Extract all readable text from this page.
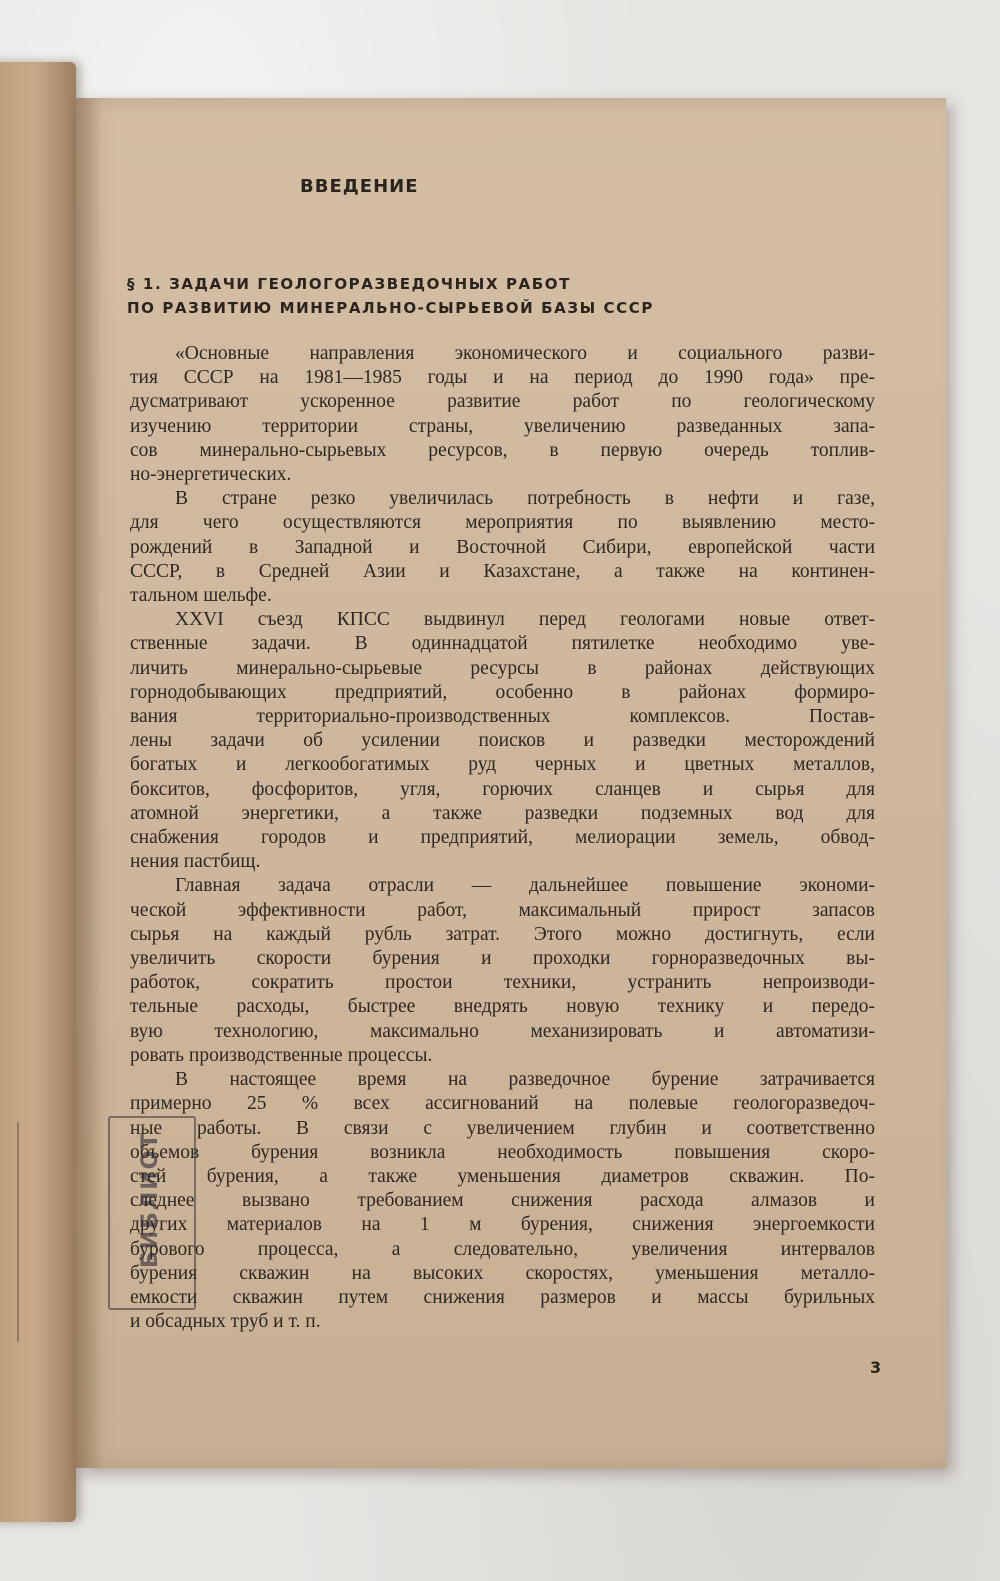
ВВЕДЕНИЕ
§ 1. ЗАДАЧИ ГЕОЛОГОРАЗВЕДОЧНЫХ РАБОТ
ПО РАЗВИТИЮ МИНЕРАЛЬНО-СЫРЬЕВОЙ БАЗЫ СССР
«Основные направления экономического и социального разви-
тия СССР на 1981—1985 годы и на период до 1990 года» пре-
дусматривают ускоренное развитие работ по геологическому
изучению территории страны, увеличению разведанных запа-
сов минерально-сырьевых ресурсов, в первую очередь топлив-
но-энергетических.
В стране резко увеличилась потребность в нефти и газе,
для чего осуществляются мероприятия по выявлению место-
рождений в Западной и Восточной Сибири, европейской части
СССР, в Средней Азии и Казахстане, а также на континен-
тальном шельфе.
XXVI съезд КПСС выдвинул перед геологами новые ответ-
ственные задачи. В одиннадцатой пятилетке необходимо уве-
личить минерально-сырьевые ресурсы в районах действующих
горнодобывающих предприятий, особенно в районах формиро-
вания территориально-производственных комплексов. Постав-
лены задачи об усилении поисков и разведки месторождений
богатых и легкообогатимых руд черных и цветных металлов,
бокситов, фосфоритов, угля, горючих сланцев и сырья для
атомной энергетики, а также разведки подземных вод для
снабжения городов и предприятий, мелиорации земель, обвод-
нения пастбищ.
Главная задача отрасли — дальнейшее повышение экономи-
ческой эффективности работ, максимальный прирост запасов
сырья на каждый рубль затрат. Этого можно достигнуть, если
увеличить скорости бурения и проходки горноразведочных вы-
работок, сократить простои техники, устранить непроизводи-
тельные расходы, быстрее внедрять новую технику и передо-
вую технологию, максимально механизировать и автоматизи-
ровать производственные процессы.
В настоящее время на разведочное бурение затрачивается
примерно 25 % всех ассигнований на полевые геологоразведоч-
ные работы. В связи с увеличением глубин и соответственно
объемов бурения возникла необходимость повышения скоро-
стей бурения, а также уменьшения диаметров скважин. По-
следнее вызвано требованием снижения расхода алмазов и
других материалов на 1 м бурения, снижения энергоемкости
бурового процесса, а следовательно, увеличения интервалов
бурения скважин на высоких скоростях, уменьшения металло-
емкости скважин путем снижения размеров и массы бурильных
и обсадных труб и т. п.
БИБЛИОТ
3
